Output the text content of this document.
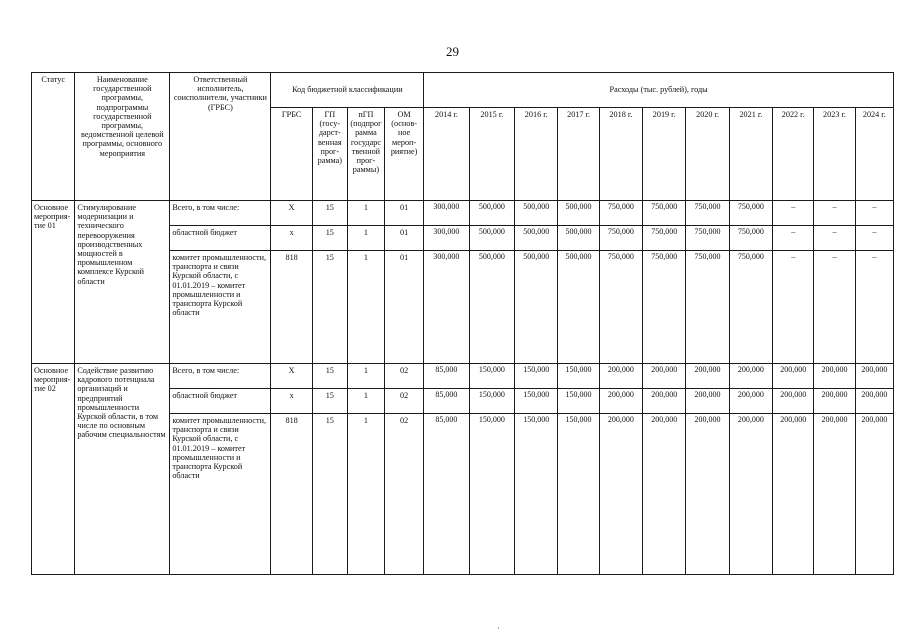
29
Статус	Наименование государственной программы, подпрограммы государственной программы, ведомственной целевой программы, основного мероприятия	Ответственный исполнитель, соисполнители, участники (ГРБС)	Код бюджетной классификации				Расходы (тыс. рублей), годы										
			ГРБС	ГП (госу-дарст-венная прог-рамма)	пГП (подпрог рамма государс твенной прог-раммы)	ОМ (основ-ное мероп-риятие)	2014 г.	2015 г.	2016 г.	2017 г.	2018 г.	2019 г.	2020 г.	2021 г.	2022 г.	2023 г.	2024 г.
Основное мероприя-тие 01	Стимулирование модернизации и технического перевооружения производственных мощностей в промышленном комплексе Курской области	Всего, в том числе:	X	15	1	01	300,000	500,000	500,000	500,000	750,000	750,000	750,000	750,000	–	–	–
		областной бюджет	x	15	1	01	300,000	500,000	500,000	500,000	750,000	750,000	750,000	750,000	–	–	–
		комитет промышленности, транспорта и связи Курской области, с 01.01.2019 – комитет промышленности и транспорта Курской области	818	15	1	01	300,000	500,000	500,000	500,000	750,000	750,000	750,000	750,000	–	–	–
Основное мероприя-тие 02	Содействие развитию кадрового потенциала организаций и предприятий промышленности Курской области, в том числе по основным рабочим специальностям	Всего, в том числе:	X	15	1	02	85,000	150,000	150,000	150,000	200,000	200,000	200,000	200,000	200,000	200,000	200,000
		областной бюджет	x	15	1	02	85,000	150,000	150,000	150,000	200,000	200,000	200,000	200,000	200,000	200,000	200,000
		комитет промышленности, транспорта и связи Курской области, с 01.01.2019 – комитет промышленности и транспорта Курской области	818	15	1	02	85,000	150,000	150,000	150,000	200,000	200,000	200,000	200,000	200,000	200,000	200,000
·
